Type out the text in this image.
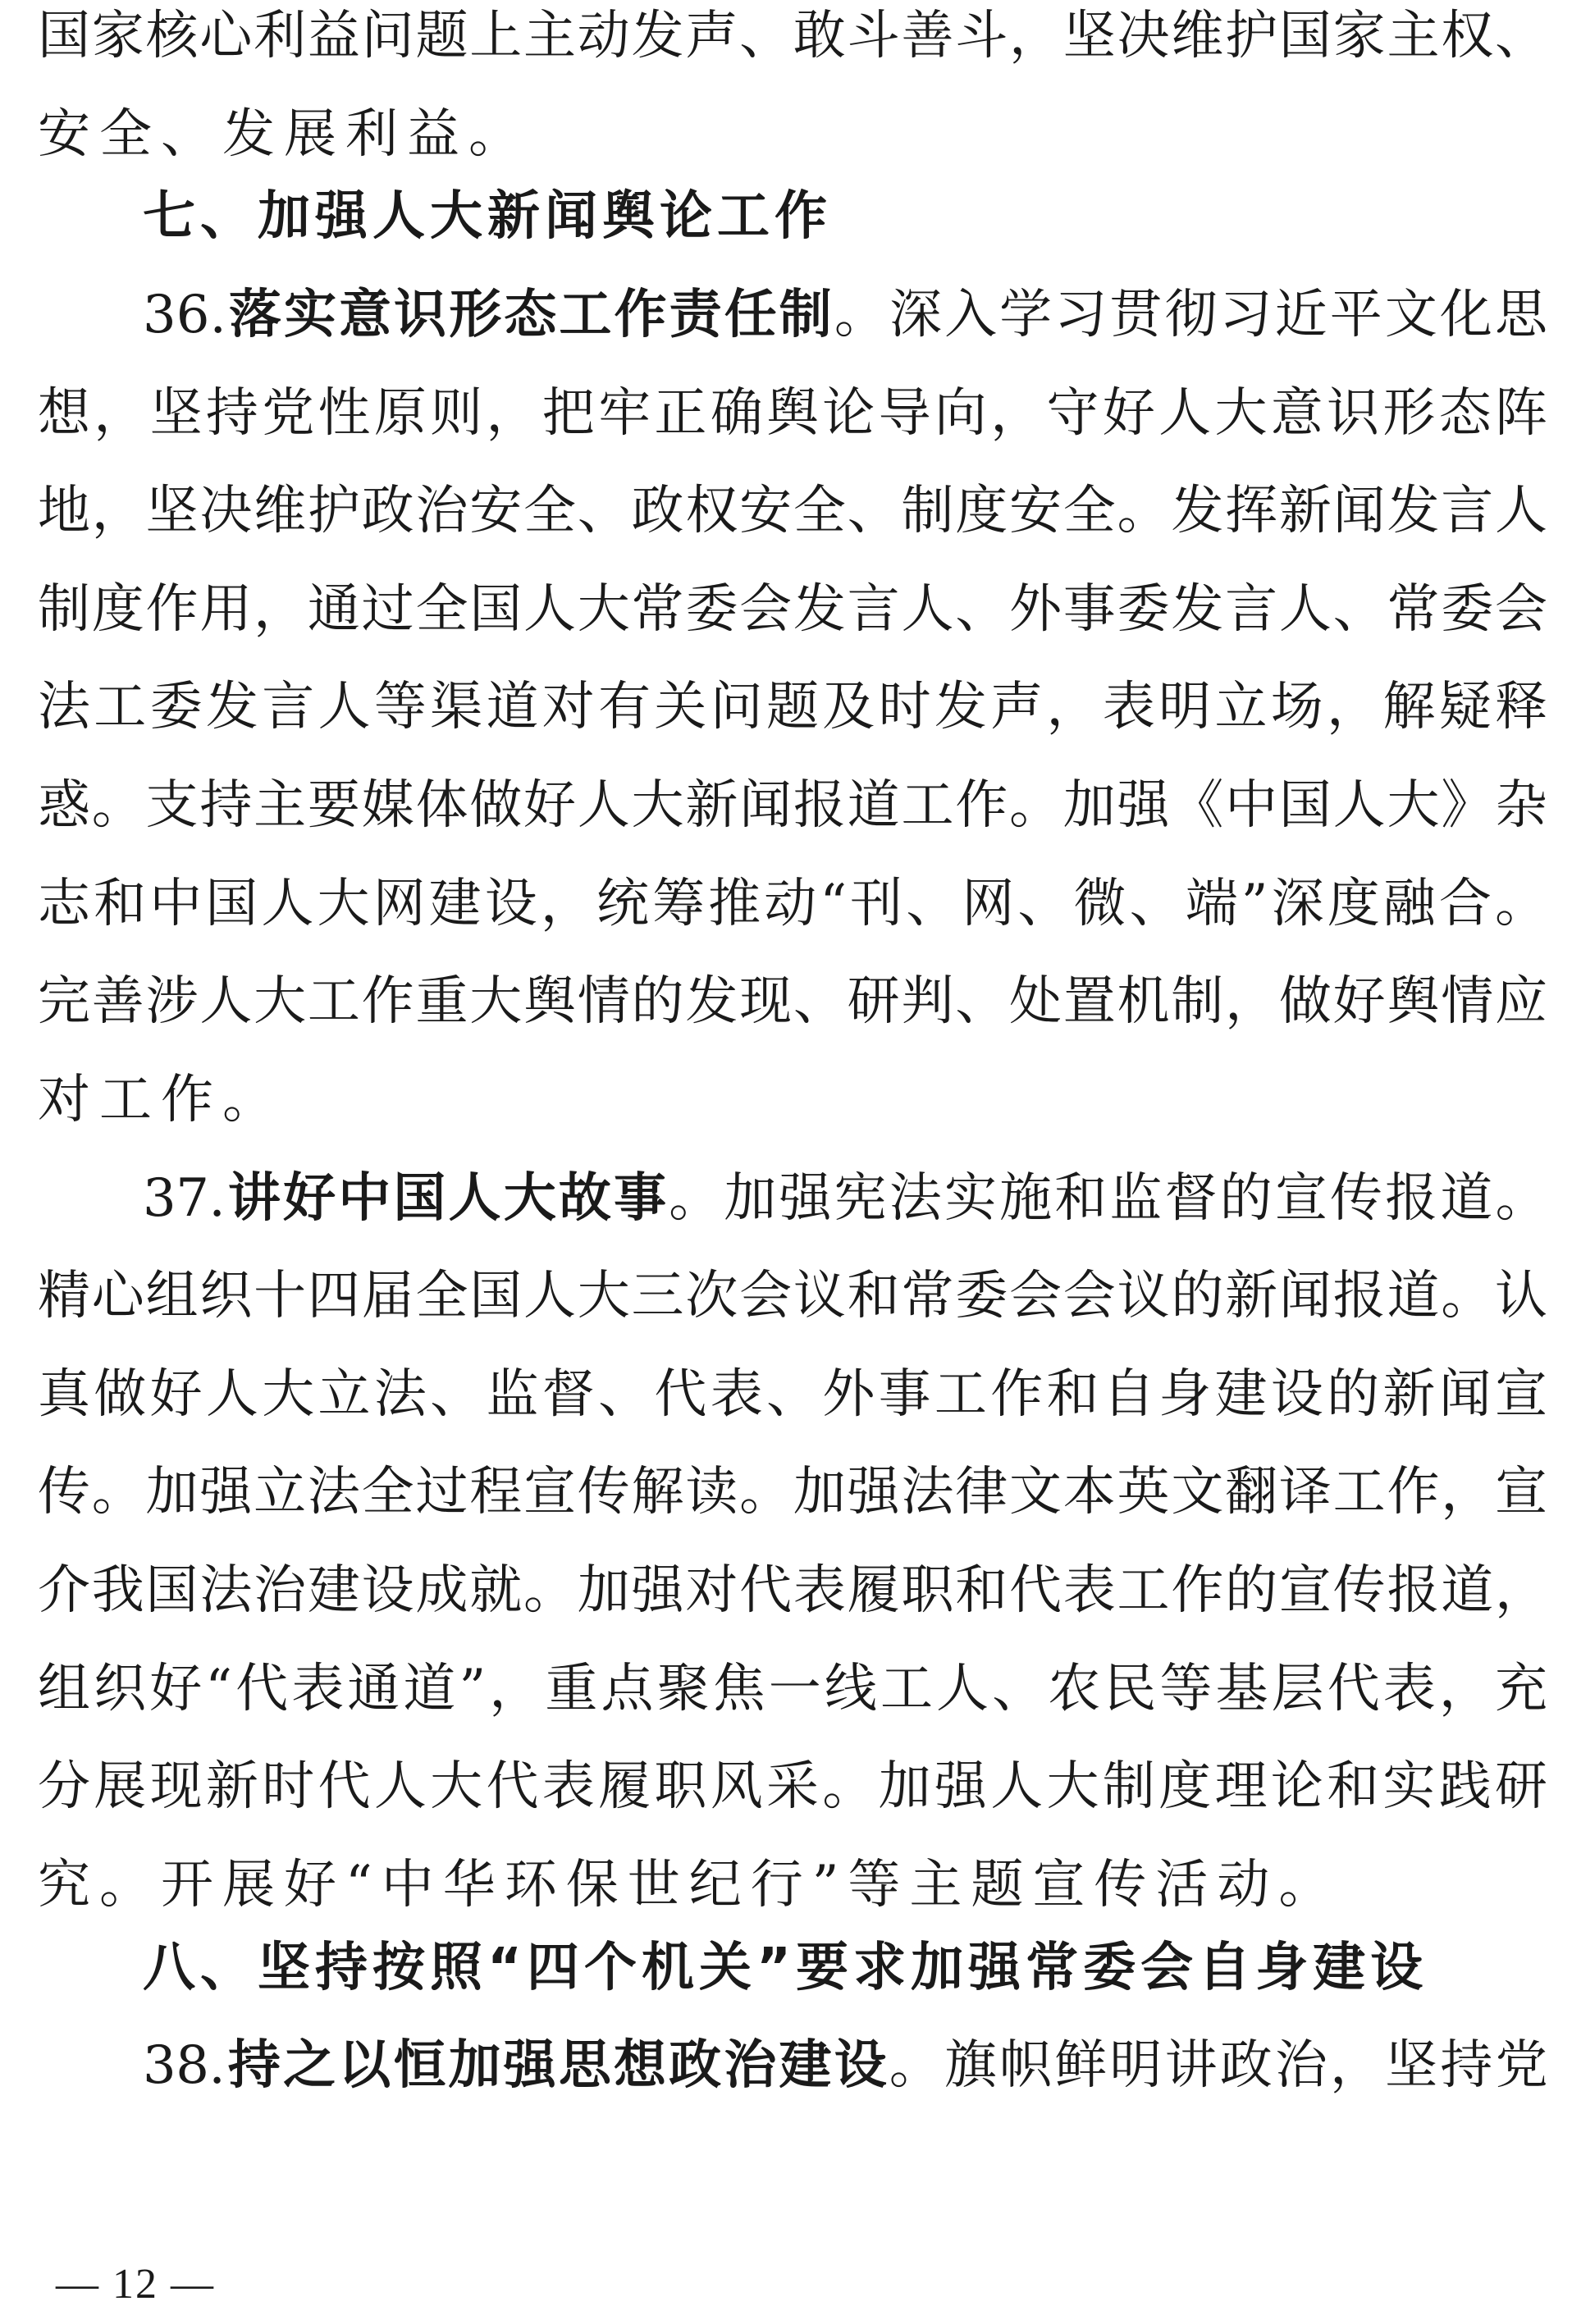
国家核心利益问题上主动发声、敢斗善斗，坚决维护国家主权、
安全、发展利益。
七、加强人大新闻舆论工作
36.落实意识形态工作责任制。深入学习贯彻习近平文化思
想，坚持党性原则，把牢正确舆论导向，守好人大意识形态阵
地，坚决维护政治安全、政权安全、制度安全。发挥新闻发言人
制度作用，通过全国人大常委会发言人、外事委发言人、常委会
法工委发言人等渠道对有关问题及时发声，表明立场，解疑释
惑。支持主要媒体做好人大新闻报道工作。加强《中国人大》杂
志和中国人大网建设，统筹推动“刊、网、微、端”深度融合。
完善涉人大工作重大舆情的发现、研判、处置机制，做好舆情应
对工作。
37.讲好中国人大故事。加强宪法实施和监督的宣传报道。
精心组织十四届全国人大三次会议和常委会会议的新闻报道。认
真做好人大立法、监督、代表、外事工作和自身建设的新闻宣
传。加强立法全过程宣传解读。加强法律文本英文翻译工作，宣
介我国法治建设成就。加强对代表履职和代表工作的宣传报道，
组织好“代表通道”，重点聚焦一线工人、农民等基层代表，充
分展现新时代人大代表履职风采。加强人大制度理论和实践研
究。开展好“中华环保世纪行”等主题宣传活动。
八、坚持按照“四个机关”要求加强常委会自身建设
38.持之以恒加强思想政治建设。旗帜鲜明讲政治，坚持党
— 12 —
